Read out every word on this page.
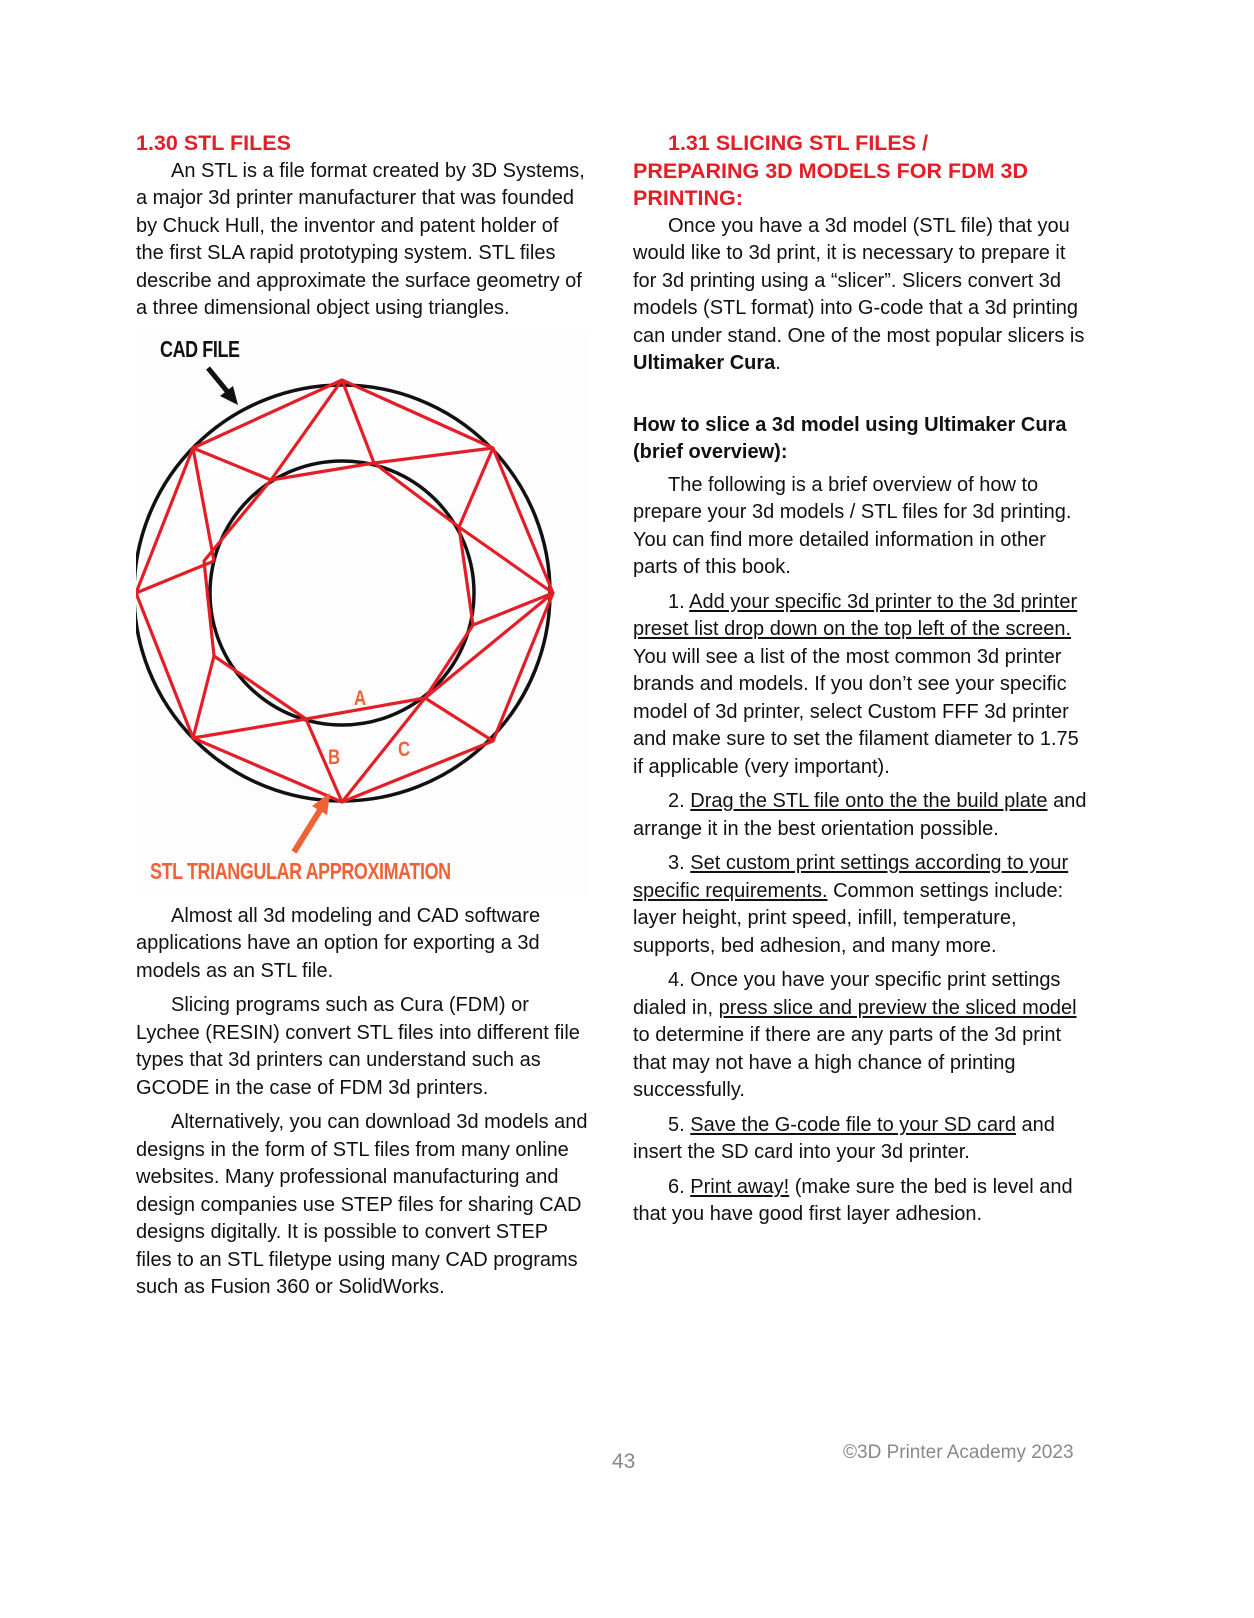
1.30 STL FILES

An STL is a file format created by 3D Systems, a major 3d printer manufacturer that was founded by Chuck Hull, the inventor and patent holder of the first SLA rapid prototyping system. STL files describe and approximate the surface geometry of a three dimensional object using triangles.

CAD FILE
A
B	C
STL TRIANGULAR APPROXIMATION

Almost all 3d modeling and CAD software applications have an option for exporting a 3d models as an STL file.

Slicing programs such as Cura (FDM) or Lychee (RESIN) convert STL files into different file types that 3d printers can understand such as GCODE in the case of FDM 3d printers.

Alternatively, you can download 3d models and designs in the form of STL files from many online websites. Many professional manufacturing and design companies use STEP files for sharing CAD designs digitally. It is possible to convert STEP files to an STL filetype using many CAD programs such as Fusion 360 or SolidWorks.

1.31 SLICING STL FILES /
PREPARING 3D MODELS FOR FDM 3D
PRINTING:

Once you have a 3d model (STL file) that you would like to 3d print, it is necessary to prepare it for 3d printing using a “slicer”. Slicers convert 3d models (STL format) into G-code that a 3d printing can under stand. One of the most popular slicers is Ultimaker Cura.

How to slice a 3d model using Ultimaker Cura (brief overview):

The following is a brief overview of how to prepare your 3d models / STL files for 3d printing. You can find more detailed information in other parts of this book.

1. Add your specific 3d printer to the 3d printer preset list drop down on the top left of the screen. You will see a list of the most common 3d printer brands and models. If you don’t see your specific model of 3d printer, select Custom FFF 3d printer and make sure to set the filament diameter to 1.75 if applicable (very important).

2. Drag the STL file onto the the build plate and arrange it in the best orientation possible.

3. Set custom print settings according to your specific requirements. Common settings include: layer height, print speed, infill, temperature, supports, bed adhesion, and many more.

4. Once you have your specific print settings dialed in, press slice and preview the sliced model to determine if there are any parts of the 3d print that may not have a high chance of printing successfully.

5. Save the G-code file to your SD card and insert the SD card into your 3d printer.

6. Print away! (make sure the bed is level and that you have good first layer adhesion.

43	©3D Printer Academy 2023
